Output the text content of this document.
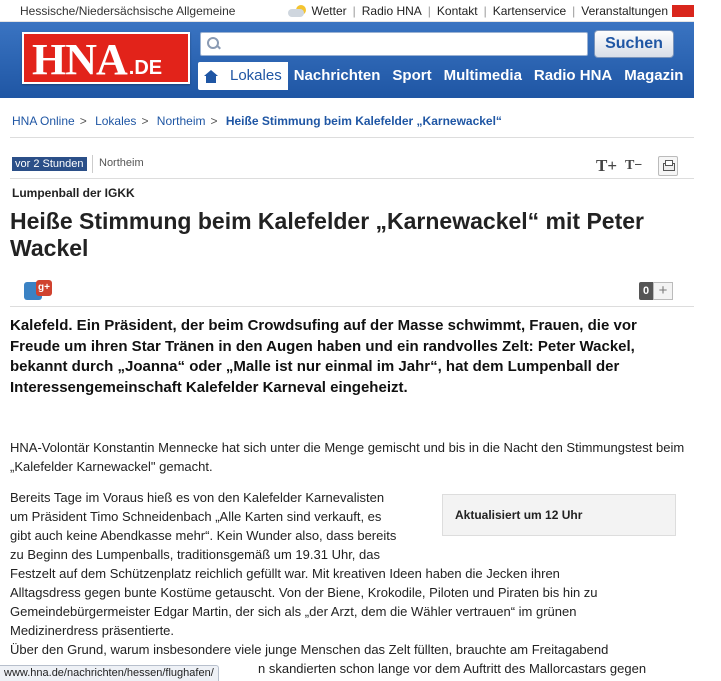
Hessische/Niedersächsische Allgemeine	Wetter | Radio HNA | Kontakt | Kartenservice | Veranstaltungen
HNA .DE
Suchen
Lokales Nachrichten Sport Multimedia Radio HNA Magazin An
HNA Online > Lokales > Northeim > Heiße Stimmung beim Kalefelder „Karnewackel“
vor 2 Stunden Northeim	T+ T−
Lumpenball der IGKK
Heiße Stimmung beim Kalefelder „Karnewackel“ mit Peter Wackel
g+	0 +

Kalefeld. Ein Präsident, der beim Crowdsufing auf der Masse schwimmt, Frauen, die vor Freude um ihren Star Tränen in den Augen haben und ein randvolles Zelt: Peter Wackel, bekannt durch „Joanna“ oder „Malle ist nur einmal im Jahr“, hat dem Lumpenball der Interessengemeinschaft Kalefelder Karneval eingeheizt.

HNA-Volontär Konstantin Mennecke hat sich unter die Menge gemischt und bis in die Nacht den Stimmungstest beim „Kalefelder Karnewackel" gemacht.

Bereits Tage im Voraus hieß es von den Kalefelder Karnevalisten
um Präsident Timo Schneidenbach „Alle Karten sind verkauft, es
gibt auch keine Abendkasse mehr“. Kein Wunder also, dass bereits
zu Beginn des Lumpenballs, traditionsgemäß um 19.31 Uhr, das
Festzelt auf dem Schützenplatz reichlich gefüllt war. Mit kreativen Ideen haben die Jecken ihren
Alltagsdress gegen bunte Kostüme getauscht. Von der Biene, Krokodile, Piloten und Piraten bis hin zu
Gemeindebürgermeister Edgar Martin, der sich als „der Arzt, dem die Wähler vertrauen“ im grünen
Medizinerdress präsentierte.
Aktualisiert um 12 Uhr
Über den Grund, warum insbesondere viele junge Menschen das Zelt füllten, brauchte am Freitagabend
n skandierten schon lange vor dem Auftritt des Mallorcastars gegen
www.hna.de/nachrichten/hessen/flughafen/
